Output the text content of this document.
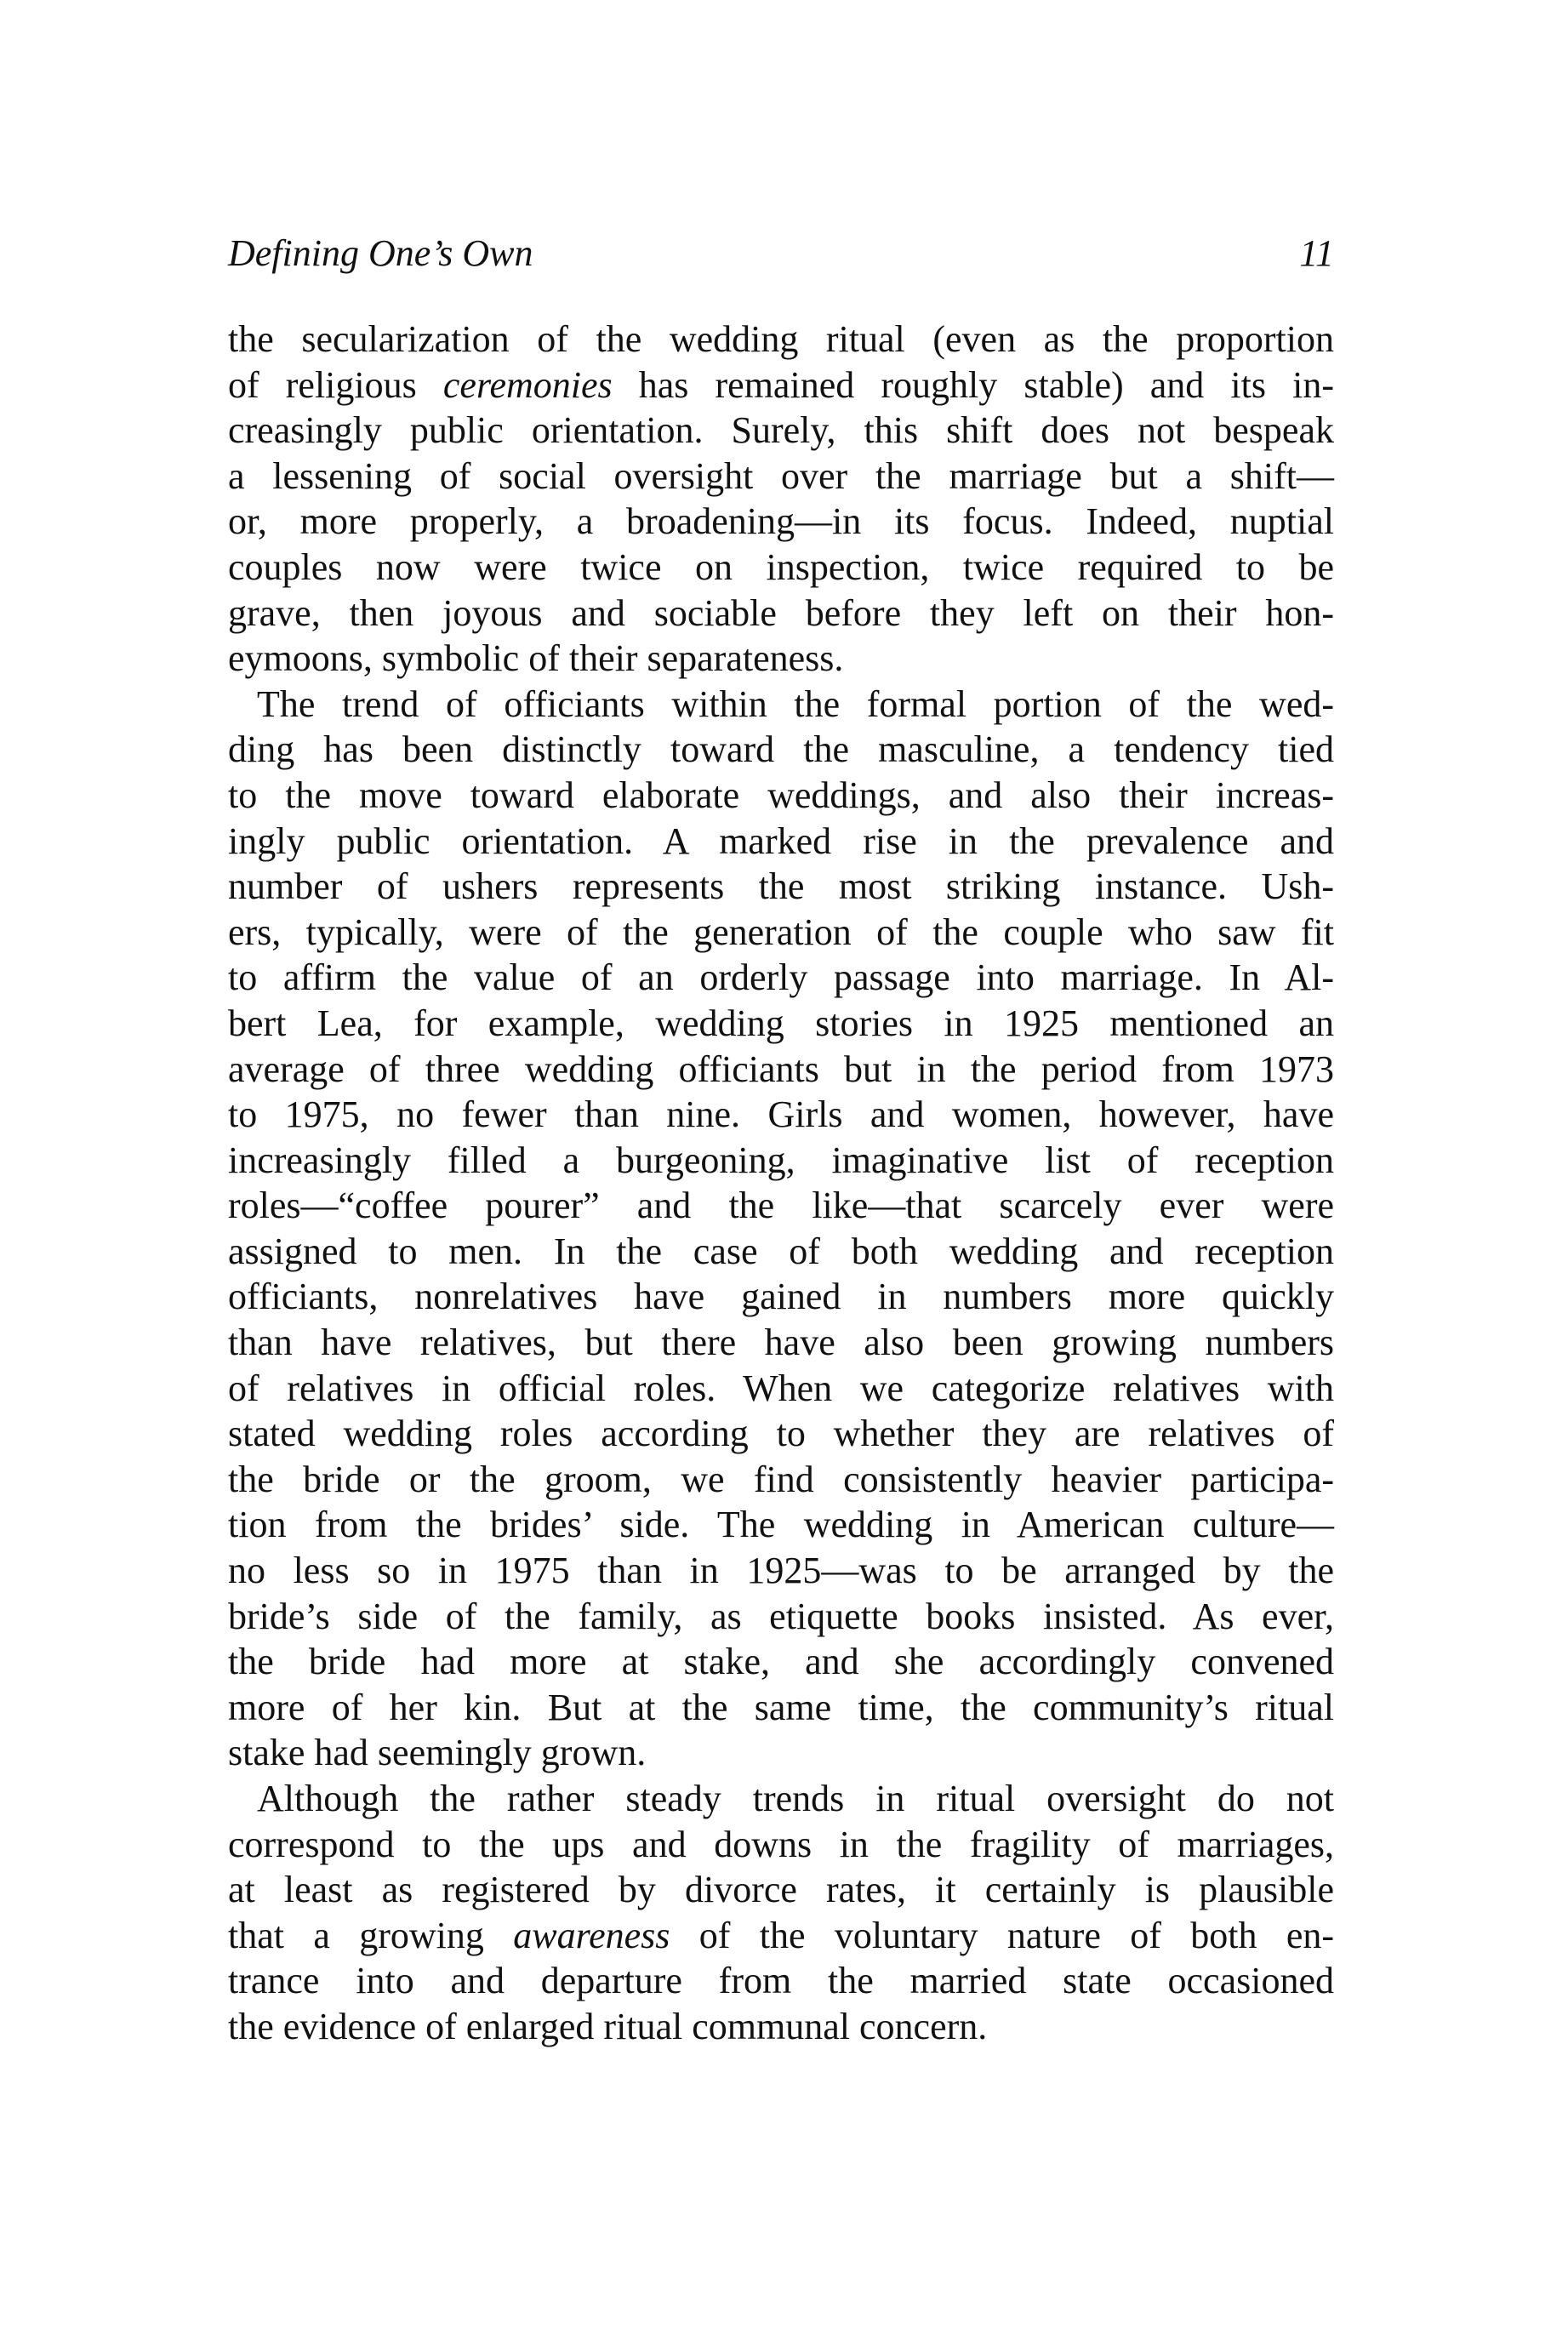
Defining One’s Own	11
the secularization of the wedding ritual (even as the proportion
of religious ceremonies has remained roughly stable) and its in-
creasingly public orientation. Surely, this shift does not bespeak
a lessening of social oversight over the marriage but a shift—
or, more properly, a broadening—in its focus. Indeed, nuptial
couples now were twice on inspection, twice required to be
grave, then joyous and sociable before they left on their hon-
eymoons, symbolic of their separateness.
The trend of officiants within the formal portion of the wed-
ding has been distinctly toward the masculine, a tendency tied
to the move toward elaborate weddings, and also their increas-
ingly public orientation. A marked rise in the prevalence and
number of ushers represents the most striking instance. Ush-
ers, typically, were of the generation of the couple who saw fit
to affirm the value of an orderly passage into marriage. In Al-
bert Lea, for example, wedding stories in 1925 mentioned an
average of three wedding officiants but in the period from 1973
to 1975, no fewer than nine. Girls and women, however, have
increasingly filled a burgeoning, imaginative list of reception
roles—“coffee pourer” and the like—that scarcely ever were
assigned to men. In the case of both wedding and reception
officiants, nonrelatives have gained in numbers more quickly
than have relatives, but there have also been growing numbers
of relatives in official roles. When we categorize relatives with
stated wedding roles according to whether they are relatives of
the bride or the groom, we find consistently heavier participa-
tion from the brides’ side. The wedding in American culture—
no less so in 1975 than in 1925—was to be arranged by the
bride’s side of the family, as etiquette books insisted. As ever,
the bride had more at stake, and she accordingly convened
more of her kin. But at the same time, the community’s ritual
stake had seemingly grown.
Although the rather steady trends in ritual oversight do not
correspond to the ups and downs in the fragility of marriages,
at least as registered by divorce rates, it certainly is plausible
that a growing awareness of the voluntary nature of both en-
trance into and departure from the married state occasioned
the evidence of enlarged ritual communal concern.
